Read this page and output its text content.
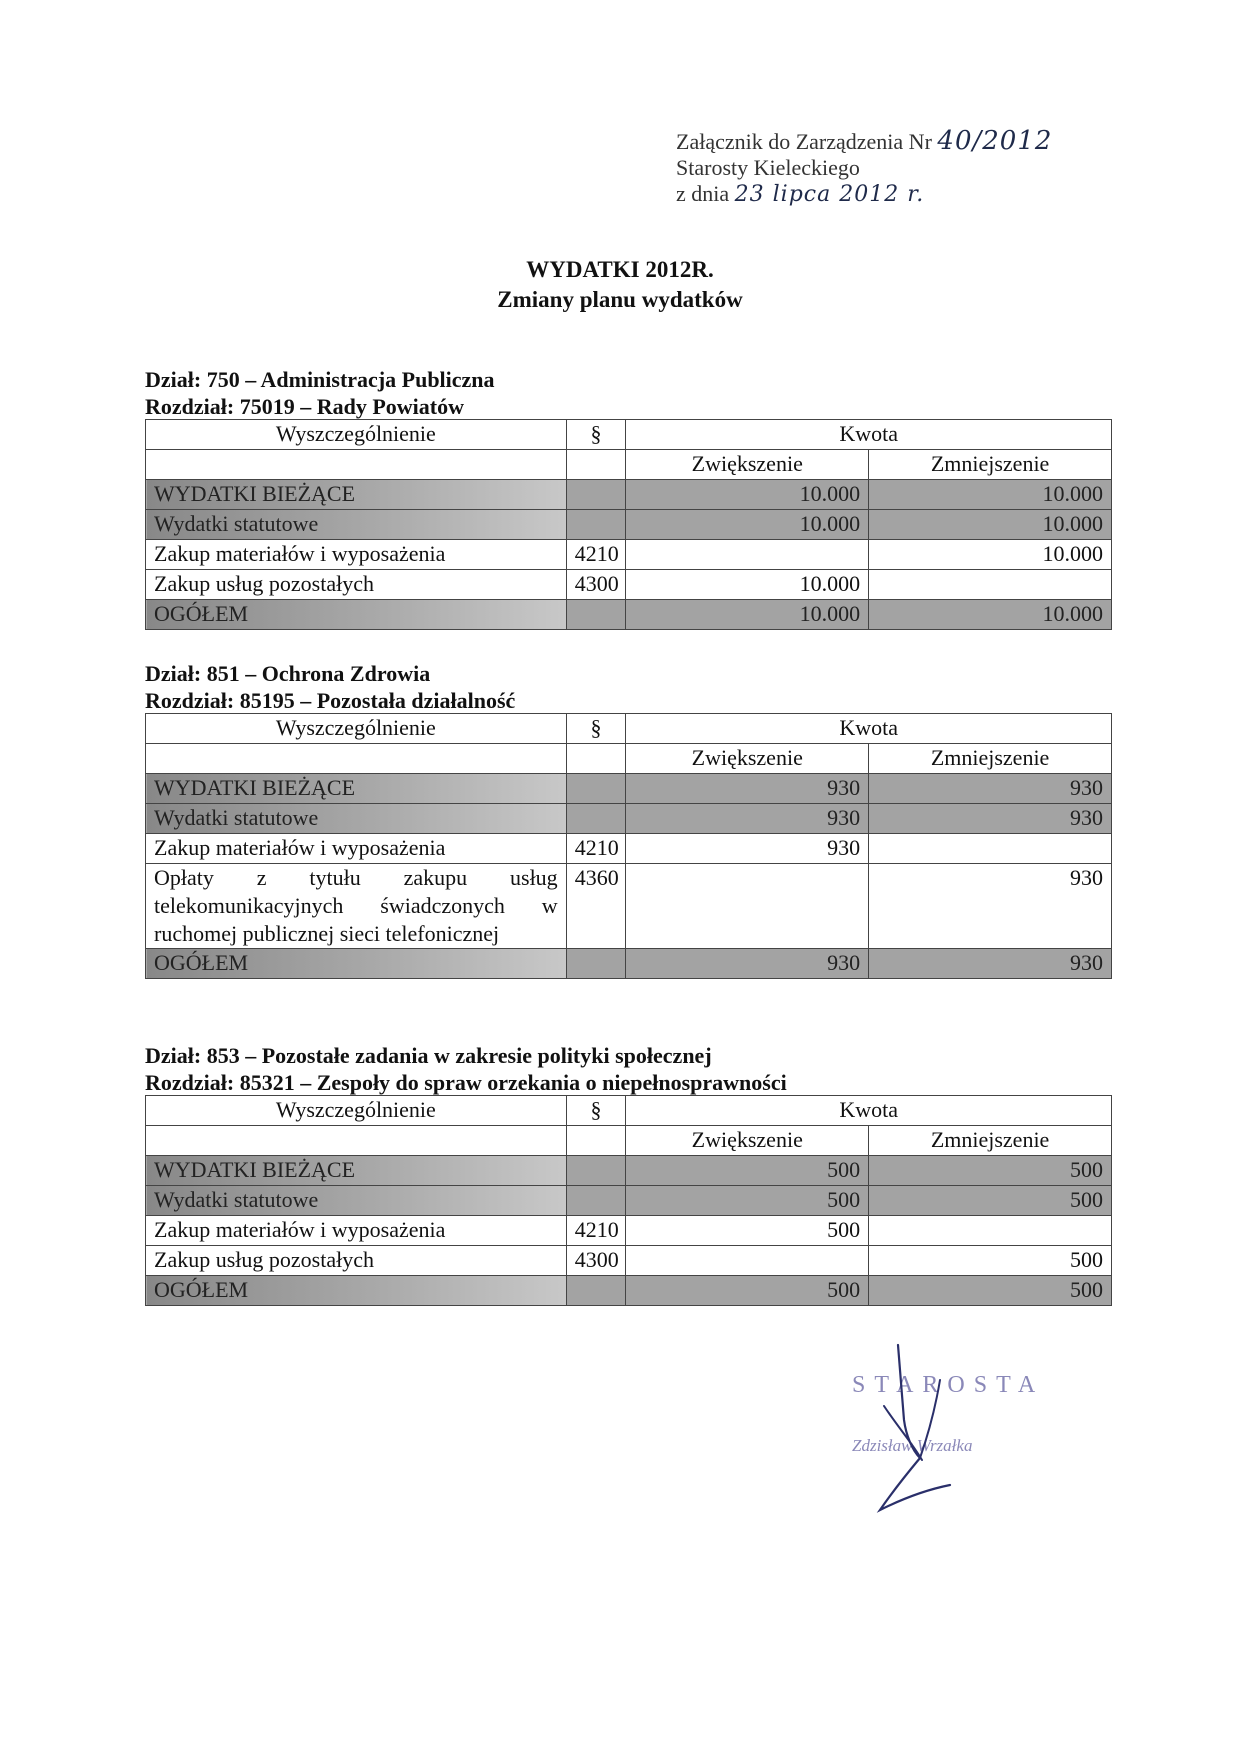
Załącznik do Zarządzenia Nr 40/2012
Starosty Kieleckiego
z dnia 23 lipca 2012 r.
WYDATKI 2012R.
Zmiany planu wydatków
Dział: 750 – Administracja Publiczna
Rozdział: 75019 – Rady Powiatów
Wyszczególnienie	§	Kwota	
		Zwiększenie	Zmniejszenie
WYDATKI BIEŻĄCE		10.000	10.000
Wydatki statutowe		10.000	10.000
Zakup materiałów i wyposażenia	4210		10.000
Zakup usług pozostałych	4300	10.000	
OGÓŁEM		10.000	10.000
Dział: 851 – Ochrona Zdrowia
Rozdział: 85195 – Pozostała działalność
Wyszczególnienie	§	Kwota	
		Zwiększenie	Zmniejszenie
WYDATKI BIEŻĄCE		930	930
Wydatki statutowe		930	930
Zakup materiałów i wyposażenia	4210	930	
Opłaty z tytułu zakupu usług telekomunikacyjnych świadczonych w ruchomej publicznej sieci telefonicznej	4360		930
OGÓŁEM		930	930
Dział: 853 – Pozostałe zadania w zakresie polityki społecznej
Rozdział: 85321 – Zespoły do spraw orzekania o niepełnosprawności
Wyszczególnienie	§	Kwota	
		Zwiększenie	Zmniejszenie
WYDATKI BIEŻĄCE		500	500
Wydatki statutowe		500	500
Zakup materiałów i wyposażenia	4210	500	
Zakup usług pozostałych	4300		500
OGÓŁEM		500	500
STAROSTA
Zdzisław Wrzałka
